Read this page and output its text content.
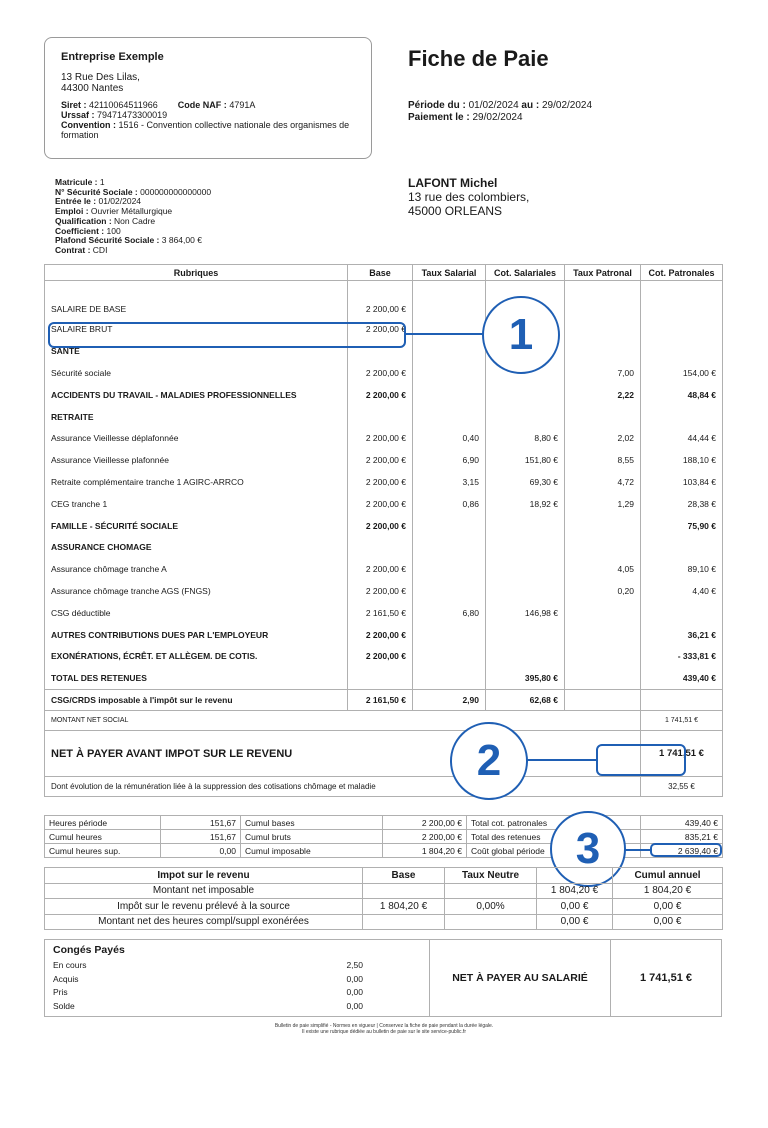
Entreprise Exemple
13 Rue Des Lilas,
44300 Nantes
Siret : 42110064511966 Code NAF : 4791A
Urssaf : 79471473300019
Convention : 1516 - Convention collective nationale des organismes de formation
Fiche de Paie
Période du : 01/02/2024 au : 29/02/2024
Paiement le : 29/02/2024
Matricule : 1
N° Sécurité Sociale : 000000000000000
Entrée le : 01/02/2024
Emploi : Ouvrier Métallurgique
Qualification : Non Cadre
Coefficient : 100
Plafond Sécurité Sociale : 3 864,00 €
Contrat : CDI
LAFONT Michel
13 rue des colombiers,
45000 ORLEANS
Rubriques	Base	Taux Salarial	Cot. Salariales	Taux Patronal	Cot. Patronales
SALAIRE DE BASE	2 200,00 €				
SALAIRE BRUT	2 200,00 €				
SANTÉ					
Sécurité sociale	2 200,00 €			7,00	154,00 €
ACCIDENTS DU TRAVAIL - MALADIES PROFESSIONNELLES	2 200,00 €			2,22	48,84 €
RETRAITE					
Assurance Vieillesse déplafonnée	2 200,00 €	0,40	8,80 €	2,02	44,44 €
Assurance Vieillesse plafonnée	2 200,00 €	6,90	151,80 €	8,55	188,10 €
Retraite complémentaire tranche 1 AGIRC-ARRCO	2 200,00 €	3,15	69,30 €	4,72	103,84 €
CEG tranche 1	2 200,00 €	0,86	18,92 €	1,29	28,38 €
FAMILLE - SÉCURITÉ SOCIALE	2 200,00 €				75,90 €
ASSURANCE CHOMAGE					
Assurance chômage tranche A	2 200,00 €			4,05	89,10 €
Assurance chômage tranche AGS (FNGS)	2 200,00 €			0,20	4,40 €
CSG déductible	2 161,50 €	6,80	146,98 €		
AUTRES CONTRIBUTIONS DUES PAR L'EMPLOYEUR	2 200,00 €				36,21 €
EXONÉRATIONS, ÉCRÊT. ET ALLÈGEM. DE COTIS.	2 200,00 €				- 333,81 €
TOTAL DES RETENUES			395,80 €		439,40 €
CSG/CRDS imposable à l'impôt sur le revenu	2 161,50 €	2,90	62,68 €		
MONTANT NET SOCIAL					1 741,51 €
NET À PAYER AVANT IMPOT SUR LE REVENU					1 741,51 €
Dont évolution de la rémunération liée à la suppression des cotisations chômage et maladie					32,55 €
1
2
Heures période	151,67	Cumul bases	2 200,00 €	Total cot. patronales	439,40 €
Cumul heures	151,67	Cumul bruts	2 200,00 €	Total des retenues	835,21 €
Cumul heures sup.	0,00	Cumul imposable	1 804,20 €	Coût global période	2 639,40 €
3
Impot sur le revenu	Base	Taux Neutre		Cumul annuel
Montant net imposable			1 804,20 €	1 804,20 €
Impôt sur le revenu prélevé à la source	1 804,20 €	0,00%	0,00 €	0,00 €
Montant net des heures compl/suppl exonérées			0,00 €	0,00 €
Congés Payés
En cours	2,50
Acquis	0,00
Pris	0,00
Solde	0,00
NET À PAYER AU SALARIÉ	1 741,51 €
Bulletin de paie simplifié - Normes en vigueur | Conservez la fiche de paie pendant la durée légale.
Il existe une rubrique dédiée au bulletin de paie sur le site service-public.fr
